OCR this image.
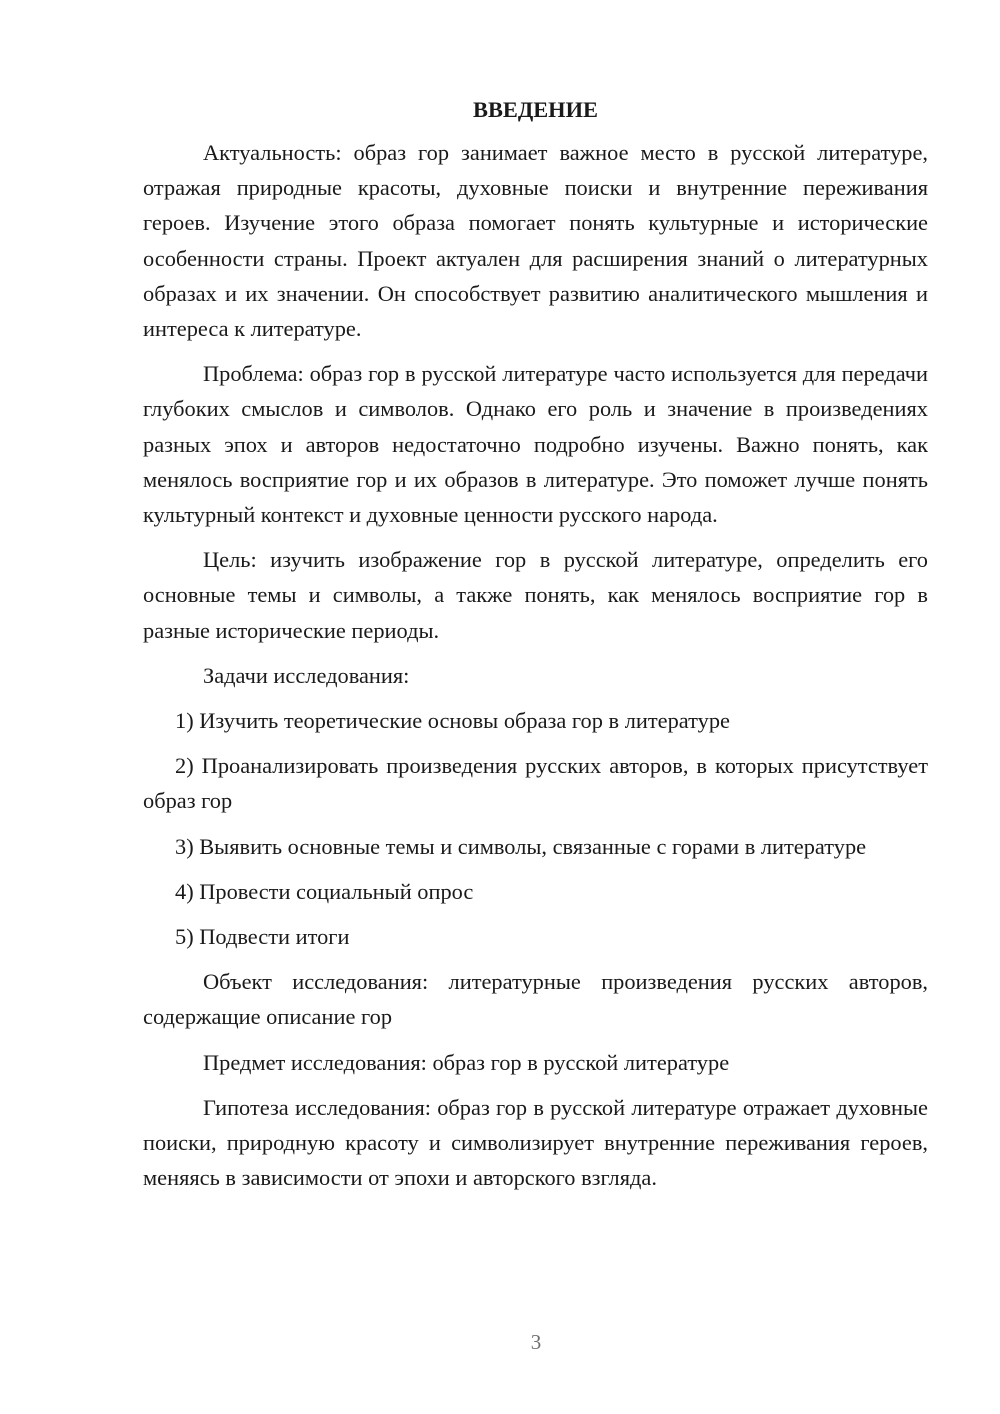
ВВЕДЕНИЕ

Актуальность: образ гор занимает важное место в русской литературе, отражая природные красоты, духовные поиски и внутренние переживания героев. Изучение этого образа помогает понять культурные и исторические особенности страны. Проект актуален для расширения знаний о литературных образах и их значении. Он способствует развитию аналитического мышления и интереса к литературе.

Проблема: образ гор в русской литературе часто используется для передачи глубоких смыслов и символов. Однако его роль и значение в произведениях разных эпох и авторов недостаточно подробно изучены. Важно понять, как менялось восприятие гор и их образов в литературе. Это поможет лучше понять культурный контекст и духовные ценности русского народа.

Цель: изучить изображение гор в русской литературе, определить его основные темы и символы, а также понять, как менялось восприятие гор в разные исторические периоды.

Задачи исследования:

1) Изучить теоретические основы образа гор в литературе

2) Проанализировать произведения русских авторов, в которых присутствует образ гор

3) Выявить основные темы и символы, связанные с горами в литературе

4) Провести социальный опрос

5) Подвести итоги

Объект исследования: литературные произведения русских авторов, содержащие описание гор

Предмет исследования: образ гор в русской литературе

Гипотеза исследования: образ гор в русской литературе отражает духовные поиски, природную красоту и символизирует внутренние переживания героев, меняясь в зависимости от эпохи и авторского взгляда.

3
